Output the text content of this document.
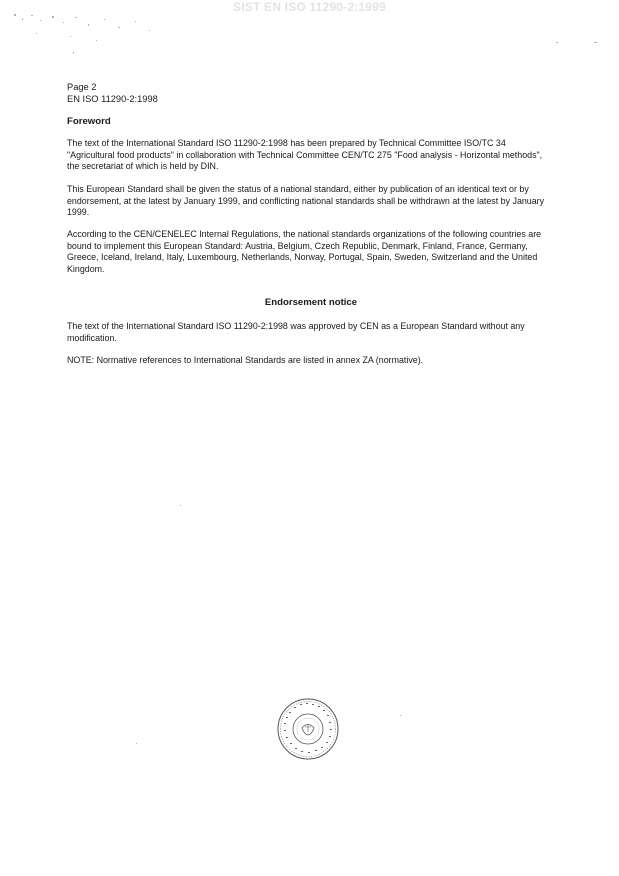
SIST EN ISO 11290-2:1999
Page 2
EN ISO 11290-2:1998
Foreword

The text of the International Standard ISO 11290-2:1998 has been prepared by Technical Committee ISO/TC 34 "Agricultural food products" in collaboration with Technical Committee CEN/TC 275 "Food analysis - Horizontal methods", the secretariat of which is held by DIN.

This European Standard shall be given the status of a national standard, either by publication of an identical text or by endorsement, at the latest by January 1999, and conflicting national standards shall be withdrawn at the latest by January 1999.

According to the CEN/CENELEC Internal Regulations, the national standards organizations of the following countries are bound to implement this European Standard: Austria, Belgium, Czech Republic, Denmark, Finland, France, Germany, Greece, Iceland, Ireland, Italy, Luxembourg, Netherlands, Norway, Portugal, Spain, Sweden, Switzerland and the United Kingdom.

Endorsement notice

The text of the International Standard ISO 11290-2:1998 was approved by CEN as a European Standard without any modification.

NOTE: Normative references to International Standards are listed in annex ZA (normative).
